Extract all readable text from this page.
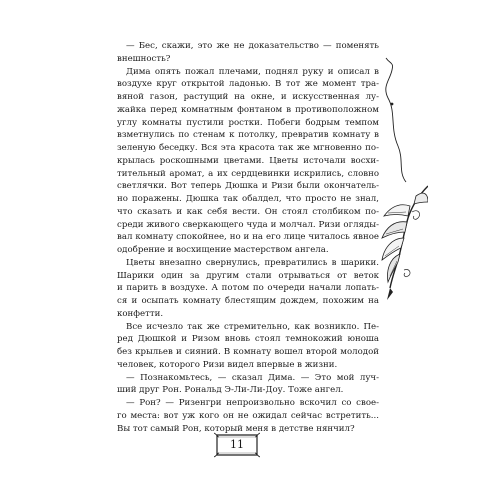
— Бес, скажи, это же не доказательство — поменять
внешность?
Дима опять пожал плечами, поднял руку и описал в
воздухе круг открытой ладонью. В тот же момент тра-
вяной газон, растущий на окне, и искусственная лу-
жайка перед комнатным фонтаном в противоположном
углу комнаты пустили ростки. Побеги бодрым темпом
взметнулись по стенам к потолку, превратив комнату в
зеленую беседку. Вся эта красота так же мгновенно по-
крылась роскошными цветами. Цветы источали восхи-
тительный аромат, а их сердцевинки искрились, словно
светлячки. Вот теперь Дюшка и Ризи были окончатель-
но поражены. Дюшка так обалдел, что просто не знал,
что сказать и как себя вести. Он стоял столбиком по-
среди живого сверкающего чуда и молчал. Ризи огляды-
вал комнату спокойнее, но и на его лице читалось явное
одобрение и восхищение мастерством ангела.
Цветы внезапно свернулись, превратились в шарики.
Шарики один за другим стали отрываться от веток
и парить в воздухе. А потом по очереди начали лопать-
ся и осыпать комнату блестящим дождем, похожим на
конфетти.
Все исчезло так же стремительно, как возникло. Пе-
ред Дюшкой и Ризом вновь стоял темнокожий юноша
без крыльев и сияний. В комнату вошел второй молодой
человек, которого Ризи видел впервые в жизни.
— Познакомьтесь, — сказал Дима. — Это мой луч-
ший друг Рон. Рональд Э-Ли-Ли-Доу. Тоже ангел.
— Рон? — Ризенгри непроизвольно вскочил со свое-
го места: вот уж кого он не ожидал сейчас встретить...
Вы тот самый Рон, который меня в детстве нянчил?
11
